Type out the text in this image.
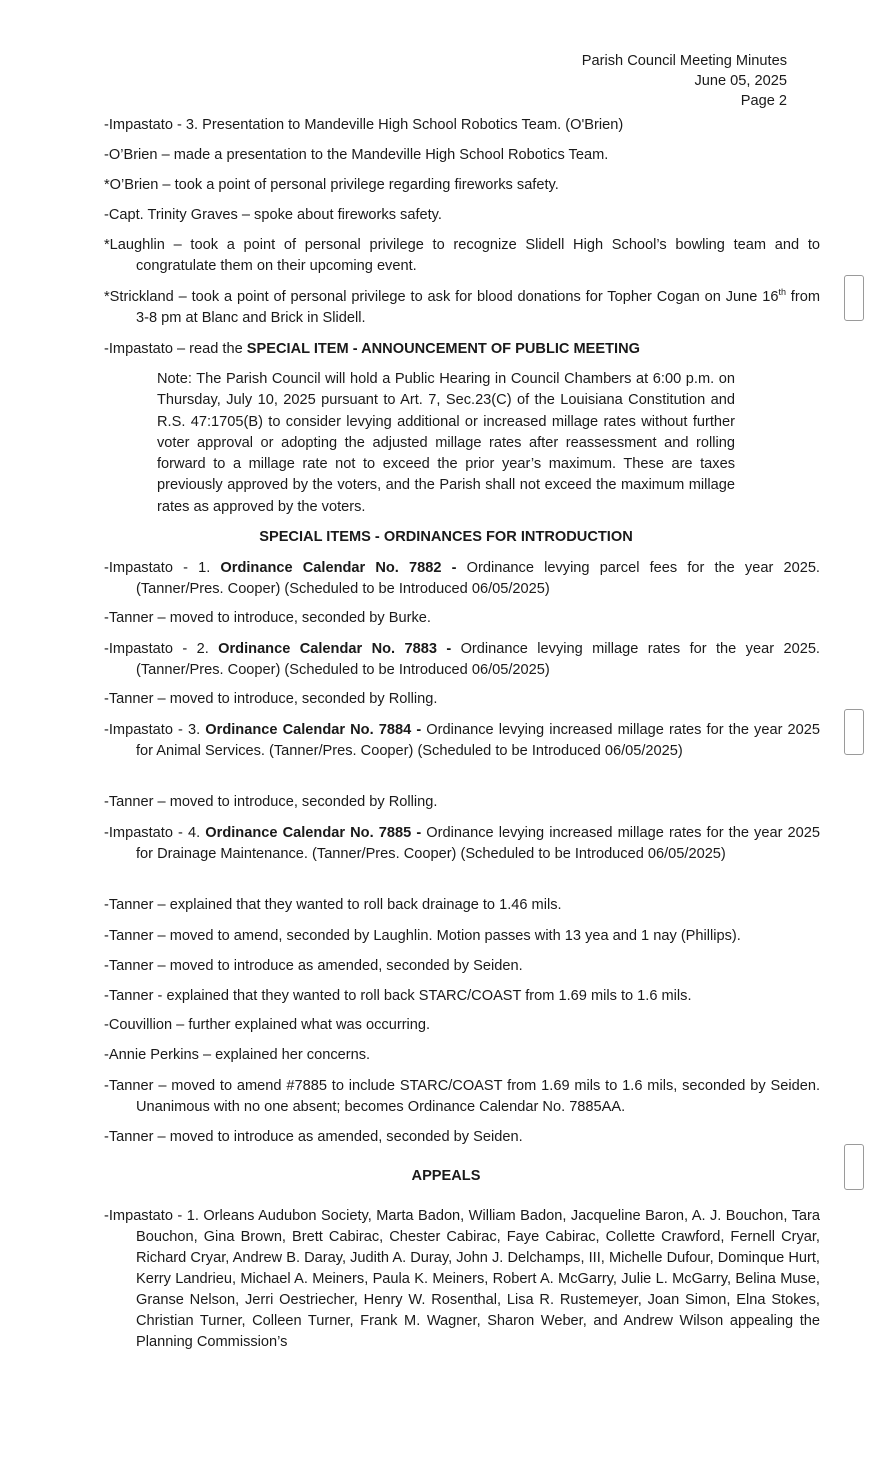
Parish Council Meeting Minutes
June 05, 2025
Page 2
-Impastato - 3. Presentation to Mandeville High School Robotics Team. (O'Brien)
-O’Brien – made a presentation to the Mandeville High School Robotics Team.
*O’Brien – took a point of personal privilege regarding fireworks safety.
-Capt. Trinity Graves – spoke about fireworks safety.
*Laughlin – took a point of personal privilege to recognize Slidell High School’s bowling team and to congratulate them on their upcoming event.
*Strickland – took a point of personal privilege to ask for blood donations for Topher Cogan on June 16th from 3-8 pm at Blanc and Brick in Slidell.
-Impastato – read the SPECIAL ITEM - ANNOUNCEMENT OF PUBLIC MEETING
Note: The Parish Council will hold a Public Hearing in Council Chambers at 6:00 p.m. on Thursday, July 10, 2025 pursuant to Art. 7, Sec.23(C) of the Louisiana Constitution and R.S. 47:1705(B) to consider levying additional or increased millage rates without further voter approval or adopting the adjusted millage rates after reassessment and rolling forward to a millage rate not to exceed the prior year’s maximum. These are taxes previously approved by the voters, and the Parish shall not exceed the maximum millage rates as approved by the voters.
SPECIAL ITEMS - ORDINANCES FOR INTRODUCTION
-Impastato - 1. Ordinance Calendar No. 7882 - Ordinance levying parcel fees for the year 2025. (Tanner/Pres. Cooper) (Scheduled to be Introduced 06/05/2025)
-Tanner – moved to introduce, seconded by Burke.
-Impastato - 2. Ordinance Calendar No. 7883 - Ordinance levying millage rates for the year 2025. (Tanner/Pres. Cooper) (Scheduled to be Introduced 06/05/2025)
-Tanner – moved to introduce, seconded by Rolling.
-Impastato - 3. Ordinance Calendar No. 7884 - Ordinance levying increased millage rates for the year 2025 for Animal Services. (Tanner/Pres. Cooper) (Scheduled to be Introduced 06/05/2025)
-Tanner – moved to introduce, seconded by Rolling.
-Impastato - 4. Ordinance Calendar No. 7885 - Ordinance levying increased millage rates for the year 2025 for Drainage Maintenance. (Tanner/Pres. Cooper) (Scheduled to be Introduced 06/05/2025)
-Tanner – explained that they wanted to roll back drainage to 1.46 mils.
-Tanner – moved to amend, seconded by Laughlin. Motion passes with 13 yea and 1 nay (Phillips).
-Tanner – moved to introduce as amended, seconded by Seiden.
-Tanner - explained that they wanted to roll back STARC/COAST from 1.69 mils to 1.6 mils.
-Couvillion – further explained what was occurring.
-Annie Perkins – explained her concerns.
-Tanner – moved to amend #7885 to include STARC/COAST from 1.69 mils to 1.6 mils, seconded by Seiden. Unanimous with no one absent; becomes Ordinance Calendar No. 7885AA.
-Tanner – moved to introduce as amended, seconded by Seiden.
APPEALS
-Impastato - 1. Orleans Audubon Society, Marta Badon, William Badon, Jacqueline Baron, A. J. Bouchon, Tara Bouchon, Gina Brown, Brett Cabirac, Chester Cabirac, Faye Cabirac, Collette Crawford, Fernell Cryar, Richard Cryar, Andrew B. Daray, Judith A. Duray, John J. Delchamps, III, Michelle Dufour, Dominque Hurt, Kerry Landrieu, Michael A. Meiners, Paula K. Meiners, Robert A. McGarry, Julie L. McGarry, Belina Muse, Granse Nelson, Jerri Oestriecher, Henry W. Rosenthal, Lisa R. Rustemeyer, Joan Simon, Elna Stokes, Christian Turner, Colleen Turner, Frank M. Wagner, Sharon Weber, and Andrew Wilson appealing the Planning Commission’s
